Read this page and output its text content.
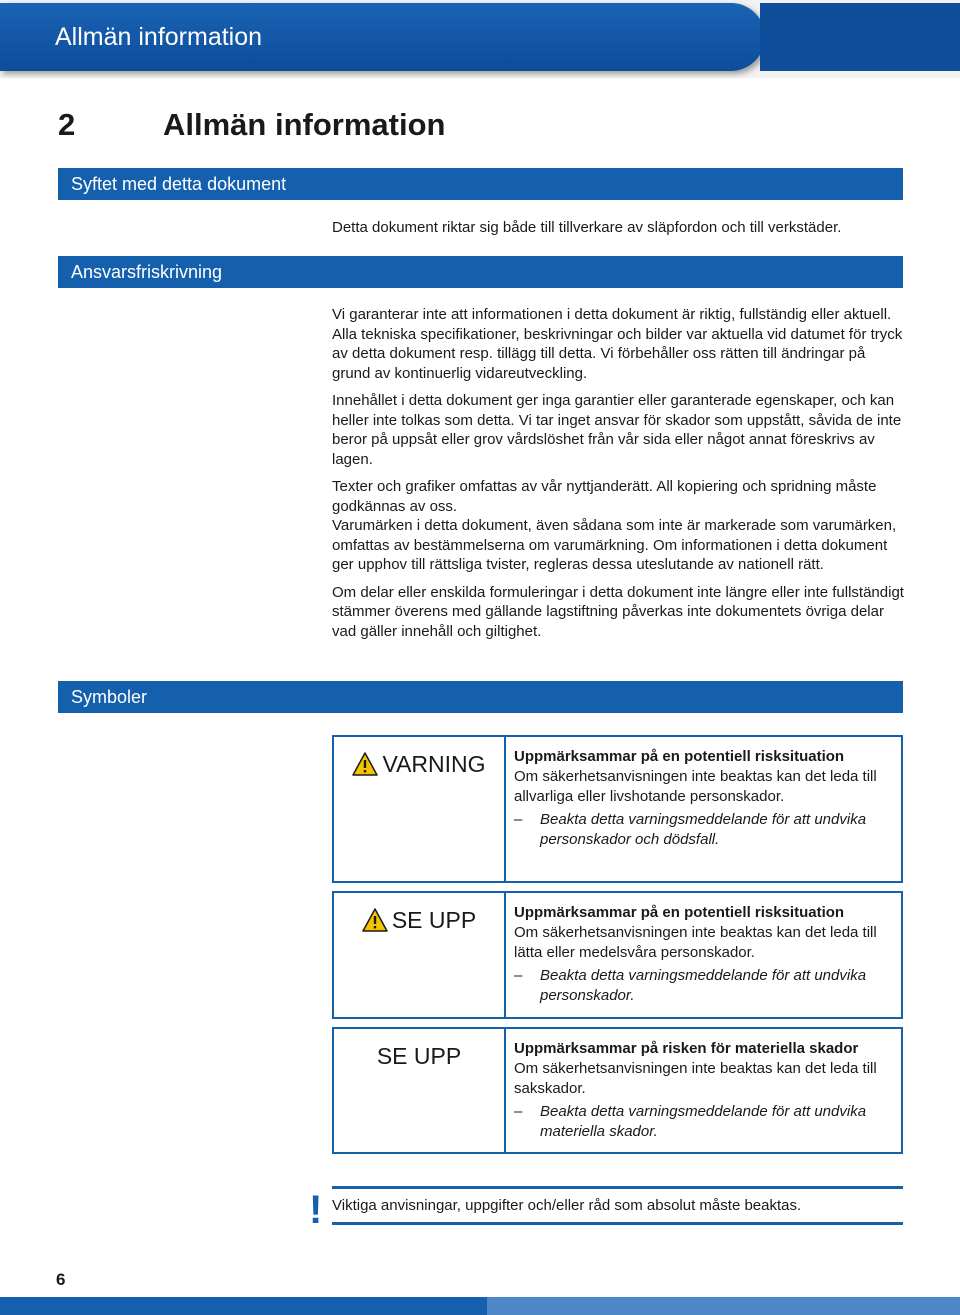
Allmän information
2	Allmän information
Syftet med detta dokument
Detta dokument riktar sig både till tillverkare av släpfordon och till verkstäder.
Ansvarsfriskrivning

Vi garanterar inte att informationen i detta dokument är riktig, fullständig eller aktuell. Alla tekniska specifikationer, beskrivningar och bilder var aktuella vid datumet för tryck av detta dokument resp. tillägg till detta. Vi förbehåller oss rätten till ändringar på grund av kontinuerlig vidareutveckling.

Innehållet i detta dokument ger inga garantier eller garanterade egenskaper, och kan heller inte tolkas som detta. Vi tar inget ansvar för skador som uppstått, såvida de inte beror på uppsåt eller grov vårdslöshet från vår sida eller något annat föreskrivs av lagen.

Texter och grafiker omfattas av vår nyttjanderätt. All kopiering och spridning måste godkännas av oss.

Varumärken i detta dokument, även sådana som inte är markerade som varumärken, omfattas av bestämmelserna om varumärkning. Om informationen i detta dokument ger upphov till rättsliga tvister, regleras dessa uteslutande av nationell rätt.

Om delar eller enskilda formuleringar i detta dokument inte längre eller inte fullständigt stämmer överens med gällande lagstiftning påverkas inte dokumentets övriga delar vad gäller innehåll och giltighet.

Symboler
VARNING Uppmärksammar på en potentiell risksituation
Om säkerhetsanvisningen inte beaktas kan det leda till allvarliga eller livshotande personskador.
–	Beakta detta varningsmeddelande för att undvika personskador och dödsfall.
SE UPP	Uppmärksammar på en potentiell risksituation
Om säkerhetsanvisningen inte beaktas kan det leda till lätta eller medelsvåra personskador.
–	Beakta detta varningsmeddelande för att undvika personskador.
SE UPP	Uppmärksammar på risken för materiella skador
Om säkerhetsanvisningen inte beaktas kan det leda till sakskador.
–	Beakta detta varningsmeddelande för att undvika materiella skador.
! Viktiga anvisningar, uppgifter och/eller råd som absolut måste beaktas.
6
